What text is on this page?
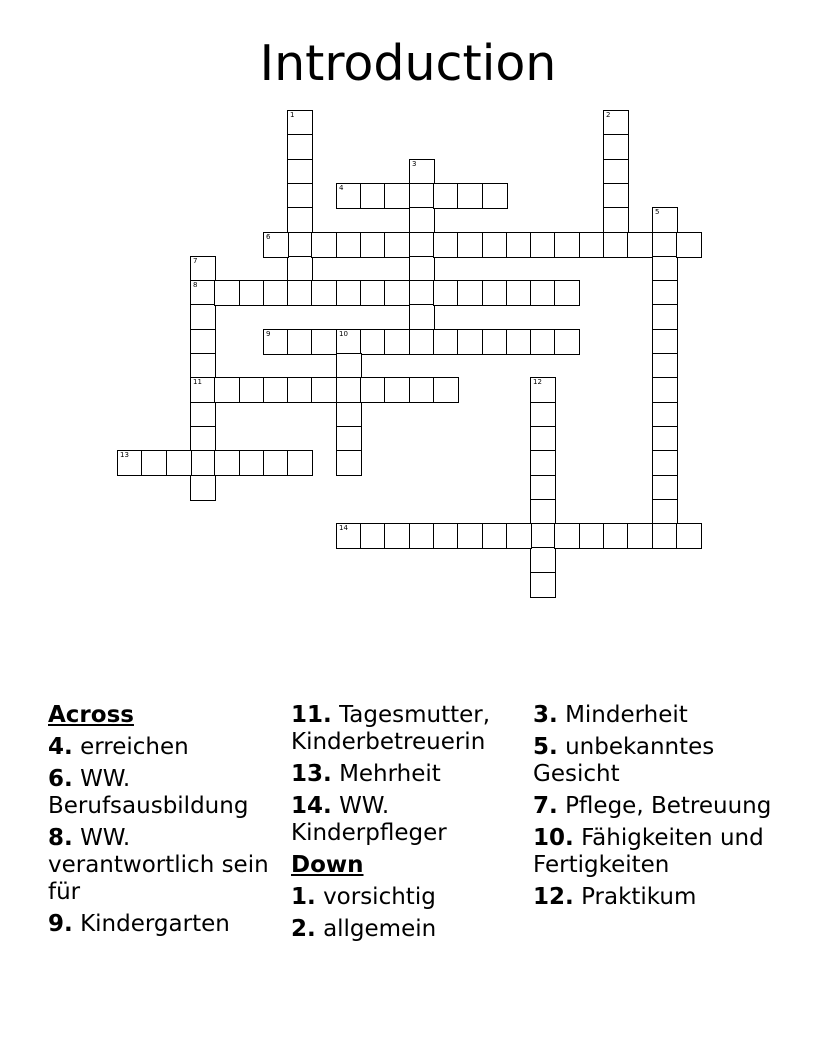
Introduction
1	2
3
4
5
6
7
8
11
9	10
12
13
14
Across
4. erreichen
6. WW. Berufsausbildung
8. WW. verantwortlich sein für
9. Kindergarten
11. Tagesmutter, Kinderbetreuerin
13. Mehrheit
14. WW. Kinderpfleger
Down
1. vorsichtig
2. allgemein
3. Minderheit
5. unbekanntes Gesicht
7. Pflege, Betreuung
10. Fähigkeiten und Fertigkeiten
12. Praktikum
